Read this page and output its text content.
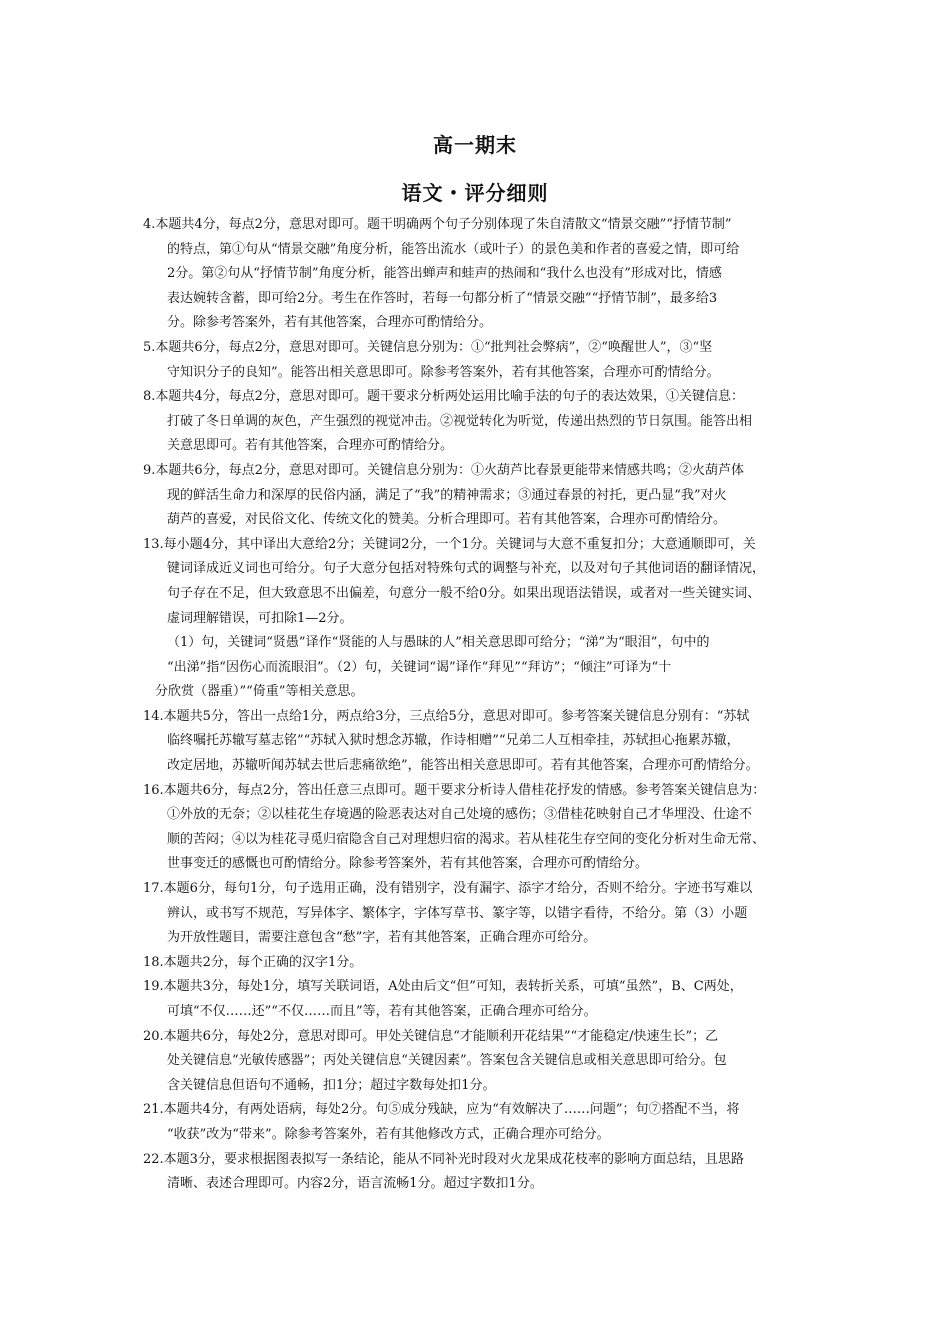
高一期末
语文・评分细则
4.本题共4分，每点2分，意思对即可。题干明确两个句子分别体现了朱自清散文“情景交融”“抒情节制”
的特点，第①句从“情景交融”角度分析，能答出流水（或叶子）的景色美和作者的喜爱之情，即可给
2分。第②句从“抒情节制”角度分析，能答出蝉声和蛙声的热闹和“我什么也没有”形成对比，情感
表达婉转含蓄，即可给2分。考生在作答时，若每一句都分析了“情景交融”“抒情节制”，最多给3
分。除参考答案外，若有其他答案，合理亦可酌情给分。
5.本题共6分，每点2分，意思对即可。关键信息分别为：①“批判社会弊病”，②“唤醒世人”，③“坚
守知识分子的良知”。能答出相关意思即可。除参考答案外，若有其他答案，合理亦可酌情给分。
8.本题共4分，每点2分，意思对即可。题干要求分析两处运用比喻手法的句子的表达效果，①关键信息：
打破了冬日单调的灰色，产生强烈的视觉冲击。②视觉转化为听觉，传递出热烈的节日氛围。能答出相
关意思即可。若有其他答案，合理亦可酌情给分。
9.本题共6分，每点2分，意思对即可。关键信息分别为：①火葫芦比春景更能带来情感共鸣；②火葫芦体
现的鲜活生命力和深厚的民俗内涵，满足了“我”的精神需求；③通过春景的衬托，更凸显“我”对火
葫芦的喜爱，对民俗文化、传统文化的赞美。分析合理即可。若有其他答案，合理亦可酌情给分。
13.每小题4分，其中译出大意给2分；关键词2分，一个1分。关键词与大意不重复扣分；大意通顺即可，关
键词译成近义词也可给分。句子大意分包括对特殊句式的调整与补充，以及对句子其他词语的翻译情况，
句子存在不足，但大致意思不出偏差，句意分一般不给0分。如果出现语法错误，或者对一些关键实词、
虚词理解错误，可扣除1—2分。
（1）句，关键词“贤愚”译作“贤能的人与愚昧的人”相关意思即可给分；“涕”为“眼泪”，句中的
“出涕”指“因伤心而流眼泪”。（2）句，关键词“谒”译作“拜见”“拜访”；“倾注”可译为“十
分欣赏（器重）”“倚重”等相关意思。
14.本题共5分，答出一点给1分，两点给3分，三点给5分，意思对即可。参考答案关键信息分别有：“苏轼
临终嘱托苏辙写墓志铭”“苏轼入狱时想念苏辙，作诗相赠”“兄弟二人互相牵挂，苏轼担心拖累苏辙，
改定居地，苏辙听闻苏轼去世后悲痛欲绝”，能答出相关意思即可。若有其他答案，合理亦可酌情给分。
16.本题共6分，每点2分，答出任意三点即可。题干要求分析诗人借桂花抒发的情感。参考答案关键信息为：
①外放的无奈；②以桂花生存境遇的险恶表达对自己处境的感伤；③借桂花映射自己才华埋没、仕途不
顺的苦闷；④以为桂花寻觅归宿隐含自己对理想归宿的渴求。若从桂花生存空间的变化分析对生命无常、
世事变迁的感慨也可酌情给分。除参考答案外，若有其他答案，合理亦可酌情给分。
17.本题6分，每句1分，句子选用正确，没有错别字，没有漏字、添字才给分，否则不给分。字迹书写难以
辨认，或书写不规范，写异体字、繁体字，字体写草书、篆字等，以错字看待，不给分。第（3）小题
为开放性题目，需要注意包含“愁”字，若有其他答案，正确合理亦可给分。
18.本题共2分，每个正确的汉字1分。
19.本题共3分，每处1分，填写关联词语，A处由后文“但”可知，表转折关系，可填“虽然”，B、C两处，
可填“不仅……还”“不仅……而且”等，若有其他答案，正确合理亦可给分。
20.本题共6分，每处2分，意思对即可。甲处关键信息“才能顺利开花结果”“才能稳定/快速生长”；乙
处关键信息“光敏传感器”；丙处关键信息“关键因素”。答案包含关键信息或相关意思即可给分。包
含关键信息但语句不通畅，扣1分；超过字数每处扣1分。
21.本题共4分，有两处语病，每处2分。句⑤成分残缺，应为“有效解决了……问题”；句⑦搭配不当，将
“收获”改为“带来”。除参考答案外，若有其他修改方式，正确合理亦可给分。
22.本题3分，要求根据图表拟写一条结论，能从不同补光时段对火龙果成花枝率的影响方面总结，且思路
清晰、表述合理即可。内容2分，语言流畅1分。超过字数扣1分。
